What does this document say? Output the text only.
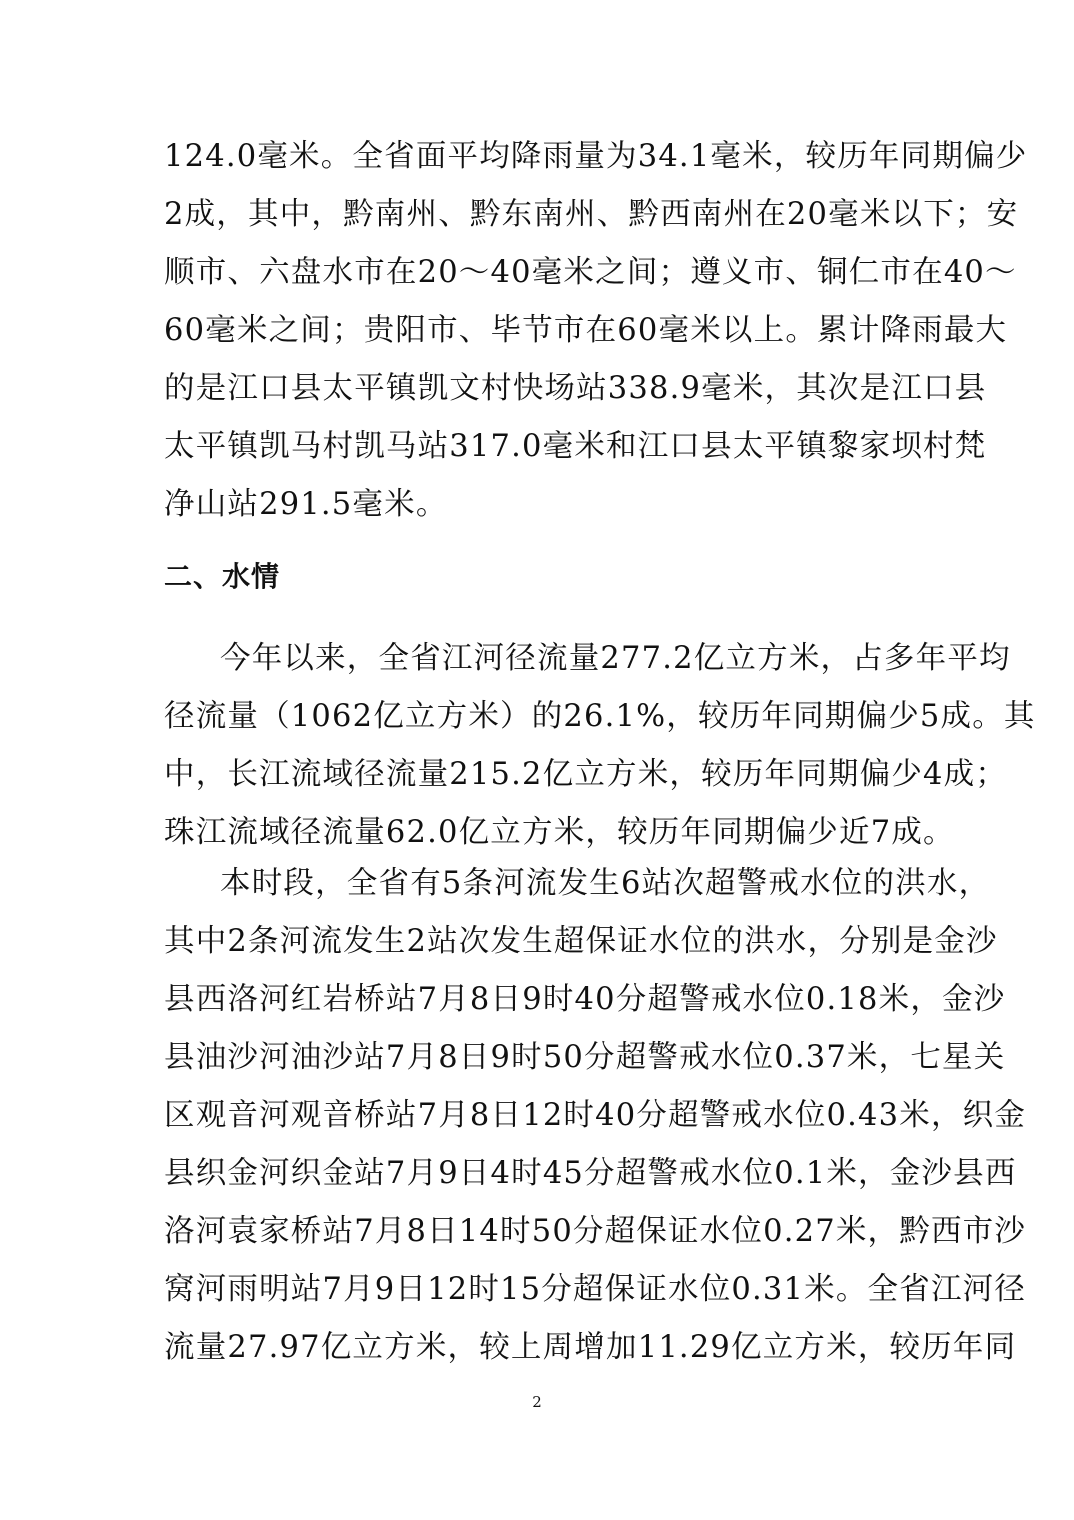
124.0毫米。全省面平均降雨量为34.1毫米，较历年同期偏少
2成，其中，黔南州、黔东南州、黔西南州在20毫米以下；安
顺市、六盘水市在20～40毫米之间；遵义市、铜仁市在40～
60毫米之间；贵阳市、毕节市在60毫米以上。累计降雨最大
的是江口县太平镇凯文村快场站338.9毫米，其次是江口县
太平镇凯马村凯马站317.0毫米和江口县太平镇黎家坝村梵
净山站291.5毫米。
二、水情
今年以来，全省江河径流量277.2亿立方米，占多年平均
径流量（1062亿立方米）的26.1%，较历年同期偏少5成。其
中，长江流域径流量215.2亿立方米，较历年同期偏少4成；
珠江流域径流量62.0亿立方米，较历年同期偏少近7成。
本时段，全省有5条河流发生6站次超警戒水位的洪水，
其中2条河流发生2站次发生超保证水位的洪水，分别是金沙
县西洛河红岩桥站7月8日9时40分超警戒水位0.18米，金沙
县油沙河油沙站7月8日9时50分超警戒水位0.37米，七星关
区观音河观音桥站7月8日12时40分超警戒水位0.43米，织金
县织金河织金站7月9日4时45分超警戒水位0.1米，金沙县西
洛河袁家桥站7月8日14时50分超保证水位0.27米，黔西市沙
窝河雨明站7月9日12时15分超保证水位0.31米。全省江河径
流量27.97亿立方米，较上周增加11.29亿立方米，较历年同
2
